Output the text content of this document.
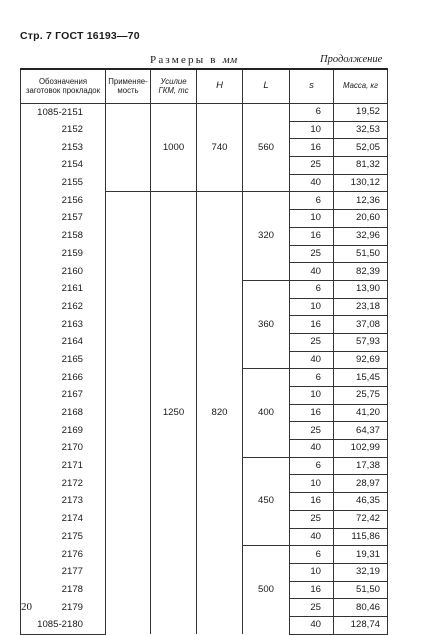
Стр. 7 ГОСТ 16193—70
Размеры в мм	Продолжение
Обозначения заготовок прокладок	Применяе-мость	Усилие ГКМ, тс	Н	L	s	Масса, кг
1085-2151		1000	740	560	6	19,52
2152					10	32,53
2153					16	52,05
2154					25	81,32
2155					40	130,12
2156		1250	820	320	6	12,36
2157					10	20,60
2158					16	32,96
2159					25	51,50
2160					40	82,39
2161				360	6	13,90
2162					10	23,18
2163					16	37,08
2164					25	57,93
2165					40	92,69
2166				400	6	15,45
2167					10	25,75
2168					16	41,20
2169					25	64,37
2170					40	102,99
2171				450	6	17,38
2172					10	28,97
2173					16	46,35
2174					25	72,42
2175					40	115,86
2176				500	6	19,31
2177					10	32,19
2178					16	51,50
2179					25	80,46
1085-2180					40	128,74
20
